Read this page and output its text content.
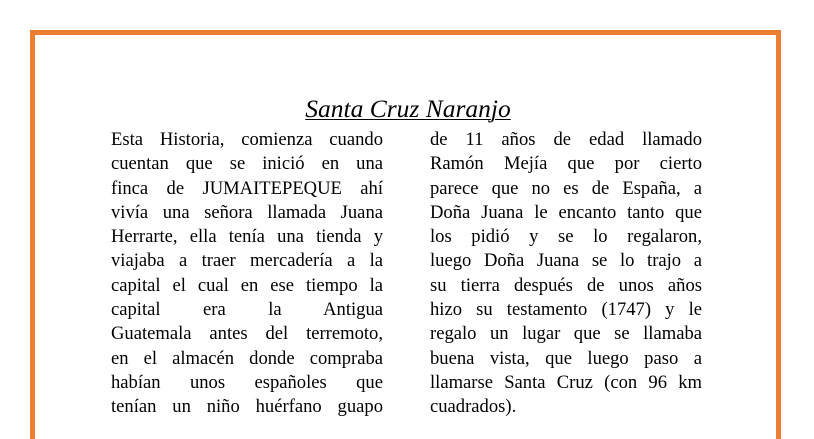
Santa Cruz Naranjo
Esta Historia, comienza cuando
cuentan que se inició en una
finca de JUMAITEPEQUE ahí
vivía una señora llamada Juana
Herrarte, ella tenía una tienda y
viajaba a traer mercadería a la
capital el cual en ese tiempo la
capital era la Antigua
Guatemala antes del terremoto,
en el almacén donde compraba
habían unos españoles que
tenían un niño huérfano guapo
de 11 años de edad llamado
Ramón Mejía que por cierto
parece que no es de España, a
Doña Juana le encanto tanto que
los pidió y se lo regalaron,
luego Doña Juana se lo trajo a
su tierra después de unos años
hizo su testamento (1747) y le
regalo un lugar que se llamaba
buena vista, que luego paso a
llamarse Santa Cruz (con 96 km
cuadrados).
